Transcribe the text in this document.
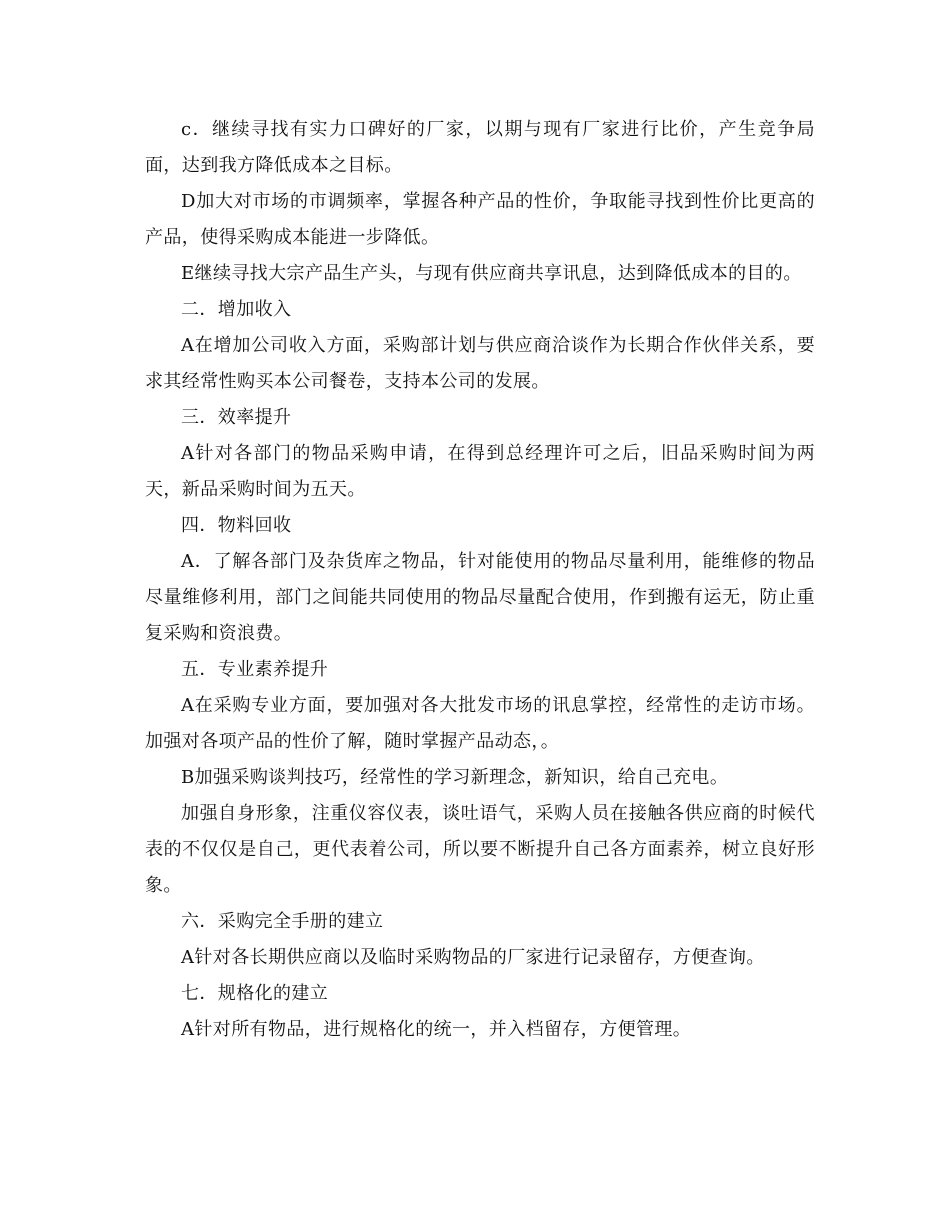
c．继续寻找有实力口碑好的厂家，以期与现有厂家进行比价，产生竞争局面，达到我方降低成本之目标。

D加大对市场的市调频率，掌握各种产品的性价，争取能寻找到性价比更高的产品，使得采购成本能进一步降低。

E继续寻找大宗产品生产头，与现有供应商共享讯息，达到降低成本的目的。

二．增加收入

A在增加公司收入方面，采购部计划与供应商洽谈作为长期合作伙伴关系，要求其经常性购买本公司餐卷，支持本公司的发展。

三．效率提升

A针对各部门的物品采购申请，在得到总经理许可之后，旧品采购时间为两天，新品采购时间为五天。

四．物料回收

A．了解各部门及杂货库之物品，针对能使用的物品尽量利用，能维修的物品尽量维修利用，部门之间能共同使用的物品尽量配合使用，作到搬有运无，防止重复采购和资浪费。

五．专业素养提升

A在采购专业方面，要加强对各大批发市场的讯息掌控，经常性的走访市场。加强对各项产品的性价了解，随时掌握产品动态，。

B加强采购谈判技巧，经常性的学习新理念，新知识，给自己充电。

加强自身形象，注重仪容仪表，谈吐语气，采购人员在接触各供应商的时候代表的不仅仅是自己，更代表着公司，所以要不断提升自己各方面素养，树立良好形象。

六．采购完全手册的建立

A针对各长期供应商以及临时采购物品的厂家进行记录留存，方便查询。

七．规格化的建立

A针对所有物品，进行规格化的统一，并入档留存，方便管理。
